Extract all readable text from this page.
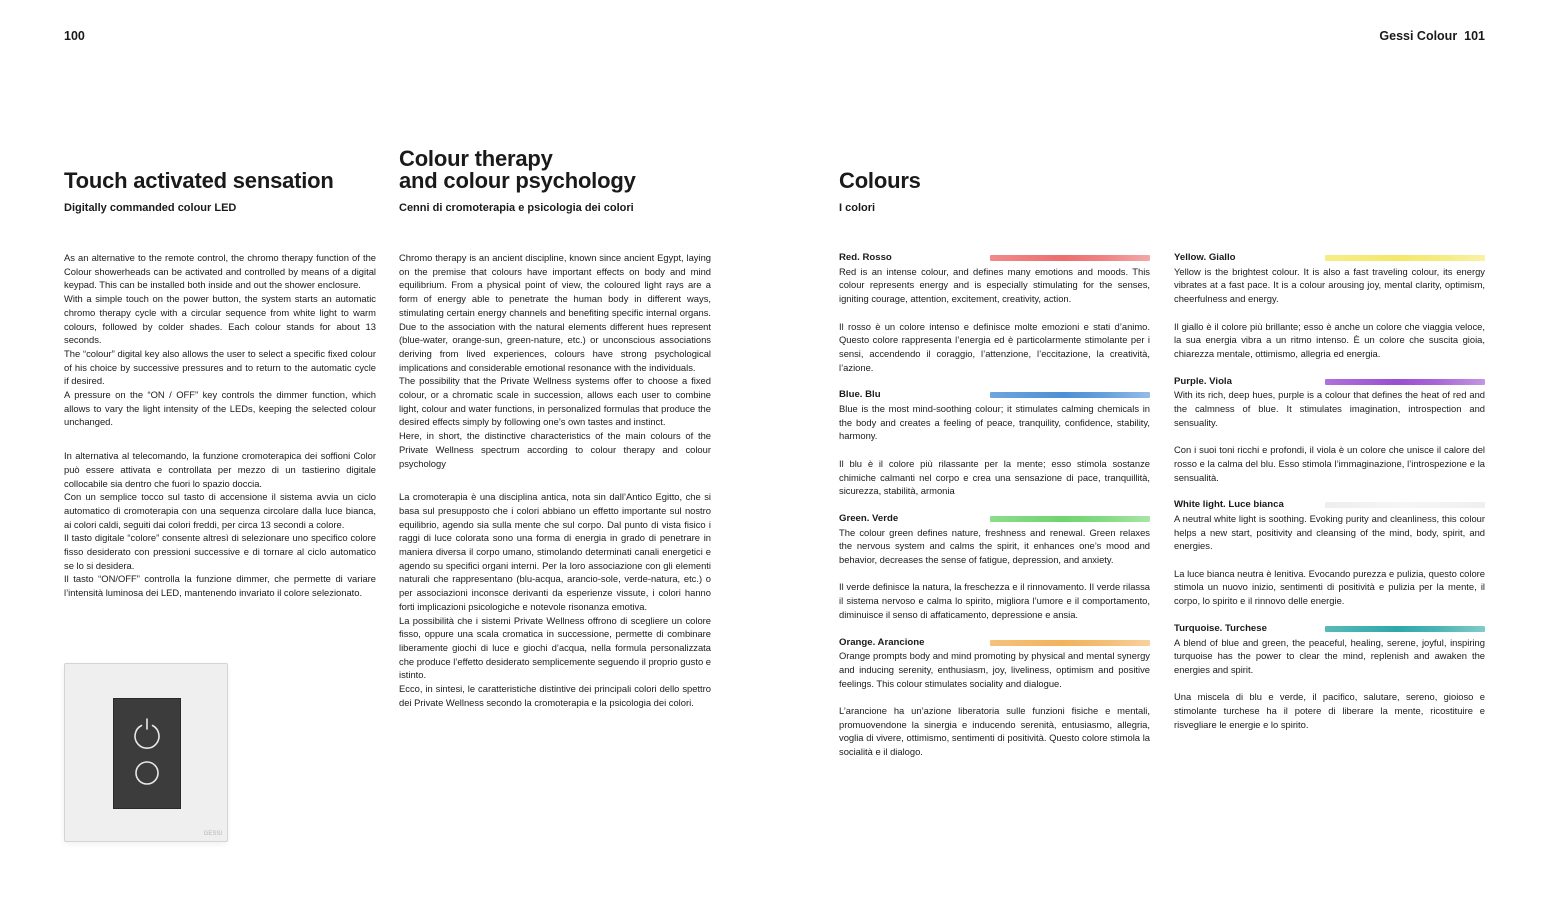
100	Gessi Colour 101
Touch activated sensation
Digitally commanded colour LED

As an alternative to the remote control, the chromo therapy function of the Colour showerheads can be activated and controlled by means of a digital keypad. This can be installed both inside and out the shower enclosure.

With a simple touch on the power button, the system starts an automatic chromo therapy cycle with a circular sequence from white light to warm colours, followed by colder shades. Each colour stands for about 13 seconds.

The “colour” digital key also allows the user to select a specific fixed colour of his choice by successive pressures and to return to the automatic cycle if desired.

A pressure on the “ON / OFF” key controls the dimmer function, which allows to vary the light intensity of the LEDs, keeping the selected colour unchanged.

In alternativa al telecomando, la funzione cromoterapica dei soffioni Color può essere attivata e controllata per mezzo di un tastierino digitale collocabile sia dentro che fuori lo spazio doccia.

Con un semplice tocco sul tasto di accensione il sistema avvia un ciclo automatico di cromoterapia con una sequenza circolare dalla luce bianca, ai colori caldi, seguiti dai colori freddi, per circa 13 secondi a colore.

Il tasto digitale “colore” consente altresì di selezionare uno specifico colore fisso desiderato con pressioni successive e di tornare al ciclo automatico se lo si desidera.

Il tasto “ON/OFF” controlla la funzione dimmer, che permette di variare l’intensità luminosa dei LED, mantenendo invariato il colore selezionato.

GESSI
Colour therapy
and colour psychology
Cenni di cromoterapia e psicologia dei colori

Chromo therapy is an ancient discipline, known since ancient Egypt, laying on the premise that colours have important effects on body and mind equilibrium. From a physical point of view, the coloured light rays are a form of energy able to penetrate the human body in different ways, stimulating certain energy channels and benefiting specific internal organs. Due to the association with the natural elements different hues represent (blue-water, orange-sun, green-nature, etc.) or unconscious associations deriving from lived experiences, colours have strong psychological implications and considerable emotional resonance with the individuals.

The possibility that the Private Wellness systems offer to choose a fixed colour, or a chromatic scale in succession, allows each user to combine light, colour and water functions, in personalized formulas that produce the desired effects simply by following one’s own tastes and instinct.

Here, in short, the distinctive characteristics of the main colours of the Private Wellness spectrum according to colour therapy and colour psychology

La cromoterapia è una disciplina antica, nota sin dall’Antico Egitto, che si basa sul presupposto che i colori abbiano un effetto importante sul nostro equilibrio, agendo sia sulla mente che sul corpo. Dal punto di vista fisico i raggi di luce colorata sono una forma di energia in grado di penetrare in maniera diversa il corpo umano, stimolando determinati canali energetici e agendo su specifici organi interni. Per la loro associazione con gli elementi naturali che rappresentano (blu-acqua, arancio-sole, verde-natura, etc.) o per associazioni inconsce derivanti da esperienze vissute, i colori hanno forti implicazioni psicologiche e notevole risonanza emotiva.

La possibilità che i sistemi Private Wellness offrono di scegliere un colore fisso, oppure una scala cromatica in successione, permette di combinare liberamente giochi di luce e giochi d’acqua, nella formula personalizzata che produce l’effetto desiderato semplicemente seguendo il proprio gusto e istinto.

Ecco, in sintesi, le caratteristiche distintive dei principali colori dello spettro dei Private Wellness secondo la cromoterapia e la psicologia dei colori.

Colours
I colori
Red. Rosso

Red is an intense colour, and defines many emotions and moods. This colour represents energy and is especially stimulating for the senses, igniting courage, attention, excitement, creativity, action.

Il rosso è un colore intenso e definisce molte emozioni e stati d’animo. Questo colore rappresenta l’energia ed è particolarmente stimolante per i sensi, accendendo il coraggio, l’attenzione, l’eccitazione, la creatività, l’azione.

Blue. Blu

Blue is the most mind-soothing colour; it stimulates calming chemicals in the body and creates a feeling of peace, tranquility, confidence, stability, harmony.

Il blu è il colore più rilassante per la mente; esso stimola sostanze chimiche calmanti nel corpo e crea una sensazione di pace, tranquillità, sicurezza, stabilità, armonia

Green. Verde

The colour green defines nature, freshness and renewal. Green relaxes the nervous system and calms the spirit, it enhances one’s mood and behavior, decreases the sense of fatigue, depression, and anxiety.

Il verde definisce la natura, la freschezza e il rinnovamento. Il verde rilassa il sistema nervoso e calma lo spirito, migliora l’umore e il comportamento, diminuisce il senso di affaticamento, depressione e ansia.

Orange. Arancione

Orange prompts body and mind promoting by physical and mental synergy and inducing serenity, enthusiasm, joy, liveliness, optimism and positive feelings. This colour stimulates sociality and dialogue.

L’arancione ha un’azione liberatoria sulle funzioni fisiche e mentali, promuovendone la sinergia e inducendo serenità, entusiasmo, allegria, voglia di vivere, ottimismo, sentimenti di positività. Questo colore stimola la socialità e il dialogo.

Yellow. Giallo

Yellow is the brightest colour. It is also a fast traveling colour, its energy vibrates at a fast pace. It is a colour arousing joy, mental clarity, optimism, cheerfulness and energy.

Il giallo è il colore più brillante; esso è anche un colore che viaggia veloce, la sua energia vibra a un ritmo intenso. È un colore che suscita gioia, chiarezza mentale, ottimismo, allegria ed energia.

Purple. Viola

With its rich, deep hues, purple is a colour that defines the heat of red and the calmness of blue. It stimulates imagination, introspection and sensuality.

Con i suoi toni ricchi e profondi, il viola è un colore che unisce il calore del rosso e la calma del blu. Esso stimola l’immaginazione, l’introspezione e la sensualità.

White light. Luce bianca

A neutral white light is soothing. Evoking purity and cleanliness, this colour helps a new start, positivity and cleansing of the mind, body, spirit, and energies.

La luce bianca neutra è lenitiva. Evocando purezza e pulizia, questo colore stimola un nuovo inizio, sentimenti di positività e pulizia per la mente, il corpo, lo spirito e il rinnovo delle energie.

Turquoise. Turchese

A blend of blue and green, the peaceful, healing, serene, joyful, inspiring turquoise has the power to clear the mind, replenish and awaken the energies and spirit.

Una miscela di blu e verde, il pacifico, salutare, sereno, gioioso e stimolante turchese ha il potere di liberare la mente, ricostituire e risvegliare le energie e lo spirito.
